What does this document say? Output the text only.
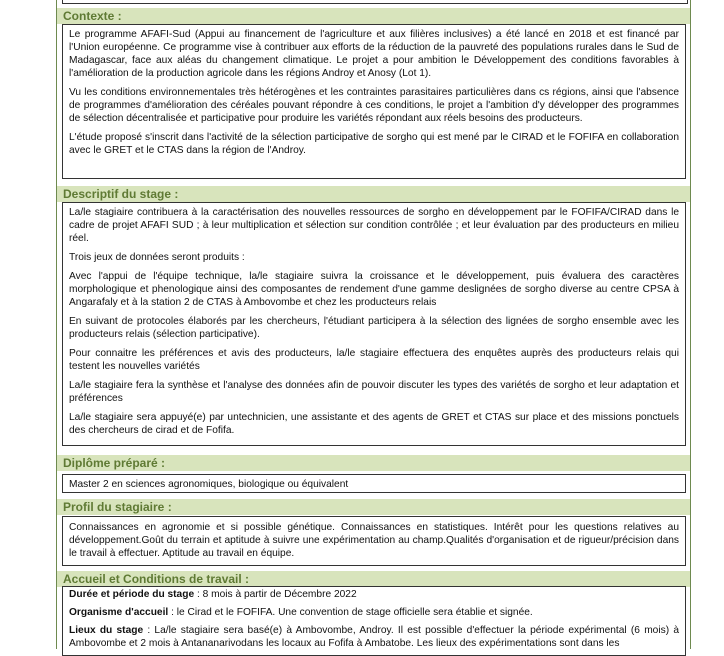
Contexte :

Le programme AFAFI-Sud (Appui au financement de l'agriculture et aux filières inclusives) a été lancé en 2018 et est financé par l'Union européenne. Ce programme vise à contribuer aux efforts de la réduction de la pauvreté des populations rurales dans le Sud de Madagascar, face aux aléas du changement climatique. Le projet a pour ambition le Développement des conditions favorables à l'amélioration de la production agricole dans les régions Androy et Anosy (Lot 1).

Vu les conditions environnementales très hétérogènes et les contraintes parasitaires particulières dans cs régions, ainsi que l'absence de programmes d'amélioration des céréales pouvant répondre à ces conditions, le projet a l'ambition d'y développer des programmes de sélection décentralisée et participative pour produire les variétés répondant aux réels besoins des producteurs.

L'étude proposé s'inscrit dans l'activité de la sélection participative de sorgho qui est mené par le CIRAD et le FOFIFA en collaboration avec le GRET et le CTAS dans la région de l'Androy.

Descriptif du stage :

La/le stagiaire contribuera à la caractérisation des nouvelles ressources de sorgho en développement par le FOFIFA/CIRAD dans le cadre de projet AFAFI SUD ; à leur multiplication et sélection sur condition contrôlée ; et leur évaluation par des producteurs en milieu réel.

Trois jeux de données seront produits :

Avec l'appui de l'équipe technique, la/le stagiaire suivra la croissance et le développement, puis évaluera des caractères morphologique et phenologique ainsi des composantes de rendement d'une gamme deslignées de sorgho diverse au centre CPSA à Angarafaly et à la station 2 de CTAS à Ambovombe et chez les producteurs relais

En suivant de protocoles élaborés par les chercheurs, l'étudiant participera à la sélection des lignées de sorgho ensemble avec les producteurs relais (sélection participative).

Pour connaitre les préférences et avis des producteurs, la/le stagiaire effectuera des enquêtes auprès des producteurs relais qui testent les nouvelles variétés

La/le stagiaire fera la synthèse et l'analyse des données afin de pouvoir discuter les types des variétés de sorgho et leur adaptation et préférences

La/le stagiaire sera appuyé(e) par untechnicien, une assistante et des agents de GRET et CTAS sur place et des missions ponctuels des chercheurs de cirad et de Fofifa.

Diplôme préparé :

Master 2 en sciences agronomiques, biologique ou équivalent

Profil du stagiaire :

Connaissances en agronomie et si possible génétique. Connaissances en statistiques. Intérêt pour les questions relatives au développement.Goût du terrain et aptitude à suivre une expérimentation au champ.Qualités d'organisation et de rigueur/précision dans le travail à effectuer. Aptitude au travail en équipe.

Accueil et Conditions de travail :

Durée et période du stage : 8 mois à partir de Décembre 2022

Organisme d'accueil : le Cirad et le FOFIFA. Une convention de stage officielle sera établie et signée.

Lieux du stage : La/le stagiaire sera basé(e) à Ambovombe, Androy. Il est possible d'effectuer la période expérimental (6 mois) à Ambovombe et 2 mois à Antananarivodans les locaux au Fofifa à Ambatobe. Les lieux des expérimentations sont dans les
